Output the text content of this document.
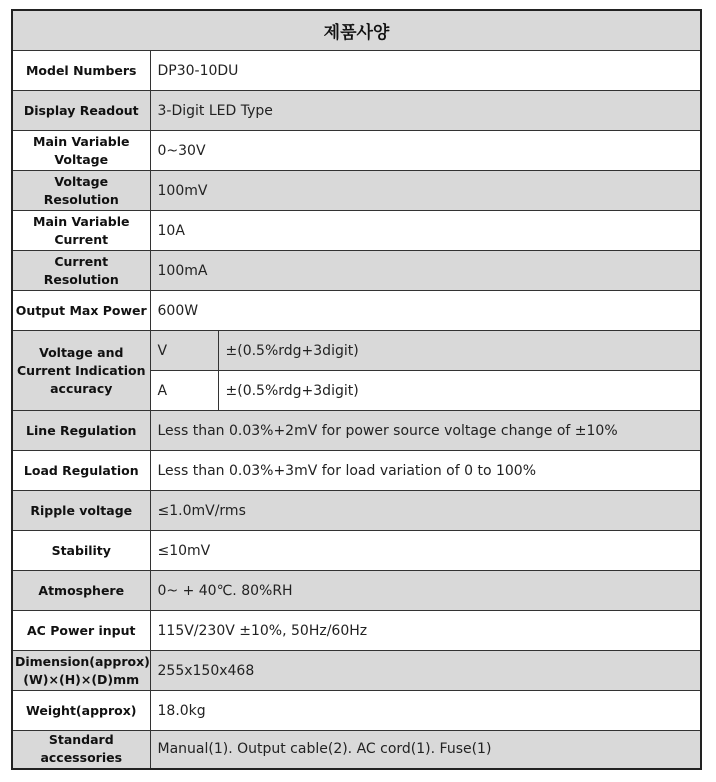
제품사양		
Model Numbers	DP30-10DU	
Display Readout	3-Digit LED Type	
Main Variable Voltage	0~30V	
Voltage Resolution	100mV	
Main Variable Current	10A	
Current Resolution	100mA	
Output Max Power	600W	
Voltage and Current Indication accuracy	V	±(0.5%rdg+3digit)
	A	±(0.5%rdg+3digit)
Line Regulation	Less than 0.03%+2mV for power source voltage change of ±10%	
Load Regulation	Less than 0.03%+3mV for load variation of 0 to 100%	
Ripple voltage	≤1.0mV/rms	
Stability	≤10mV	
Atmosphere	0~ + 40℃. 80%RH	
AC Power input	115V/230V ±10%, 50Hz/60Hz	
Dimension(approx) (W)×(H)×(D)mm	255x150x468	
Weight(approx)	18.0kg	
Standard accessories	Manual(1). Output cable(2). AC cord(1). Fuse(1)	
